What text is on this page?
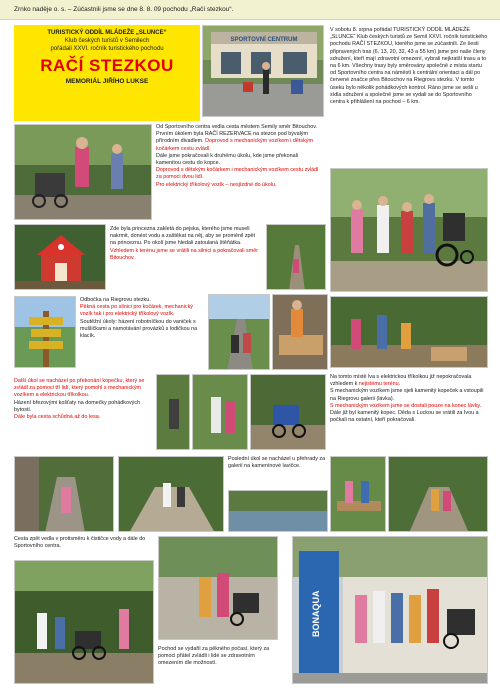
Zrnko naděje o. s. – Zúčastnili jsme se dne 8. 8. 09 pochodu „Račí stezkou“.
TURISTICKÝ ODDÍL MLÁDEŽE „SLUNCE“
Klub českých turistů v Semilech
pořádali XXVI. ročník turistického pochodu
RAČÍ STEZKOU
MEMORIÁL JIŘÍHO LUKSE
SPORTOVNÍ CENTRUM

V sobotu 8. srpna pořádal TURISTICKÝ ODDÍL MLÁDEŽE „SLUNCE“ Klub českých turistů ze Semil XXVI. ročník turistického pochodu RAČÍ STEZKOU, kterého jsme se zúčastnili. Ze šesti připravených tras (6, 13, 20, 32, 43 a 55 km) jsme pro naše členy sdružení, kteří mají zdravotní omezení, vybrali nejkratší trasu a to na 6 km. Všechny trasy byly směrovány společně z místa startu od Sportovního centra na náměstí k centrální orientaci a dál po červené značce přes Bitouchov na Riegrovu stezku. V tomto úseku bylo několik pohádkových kontrol. Ráno jsme se sešli u sídla sdružení a společně jsme se vydali se do Sportovního centra k přihlášení na pochod – 6 km.

Od Sportovního centra vedla cesta městem Semily směr Bitouchov. Prvním úkolem byla RAČÍ REZERVACE na stezce pod bývalým přírodním divadlem. Doprovod s mechanickým vozíkem i dětským kočárkem cestu zvládl.
Dále jsme pokračovali k druhému úkolu, kde jsme překonali kamenitou cestu do kopce.
Doprovod s dětským kočárkem i mechanickým vozíkem cestu zvládl za pomoci dvou lidí.
Pro elektrický tříkolový vozík – nesjízdné do úkolu.
Zde byla princezna zakletá do pejska, kterého jsme museli nakrmit, donést vodu a zaštěkat na něj, aby se proměnil zpět na princeznu. Po okolí jsme hledali zatoulaná štěňátka.
Vzhledem k terénu jsme se vrátili na silnici a pokračovali směr Bitouchov.
Odbočka na Riegrovu stezku.
Pěkná cesta po silnici pro kočárek, mechanický vozík tak i pro elektrický tříkolový vozík.
Soutěžní úkoly: házení robotníčkou do vaniček s mušličkami a namotávání provázků s lodičkou na klacík.
Další úkol se nacházel po překonání kopečku, který se zvládl za pomoci tří lidí, který pomohl s mechanickým vozíkem a elektrickou tříkolkou.
Házení březovými košťaty na domečky pohádkových bytostí.
Dále byla cesta schůdná až do lesa.
Na tomto místě lva s elektrickou tříkolkou již nepokračovala vzhledem k nejistému terénu.
S mechanickým vozíkem jsme sjeli kamenitý kopeček a vstoupili na Riegrovu galerii (lávka).
S mechanickým vozíkem jsme se dostali pouze na konec lávky.
Dále již byl kamenitý kopec. Děda s Luckou se vrátili za Ivou a počkali na ostatní, kteří pokračovali.
Poslední úkol se nacházel u přehrady za galerií na kamenínové lavičce.
Cesta zpět vedla v protisměru k čističce vody a dále do Sportovního centra.
Pochod se vydařil za pěkného počasí, který za pomoci přátel zvládli i lidé se zdravotním omezením dle možností.
BONAQUA
